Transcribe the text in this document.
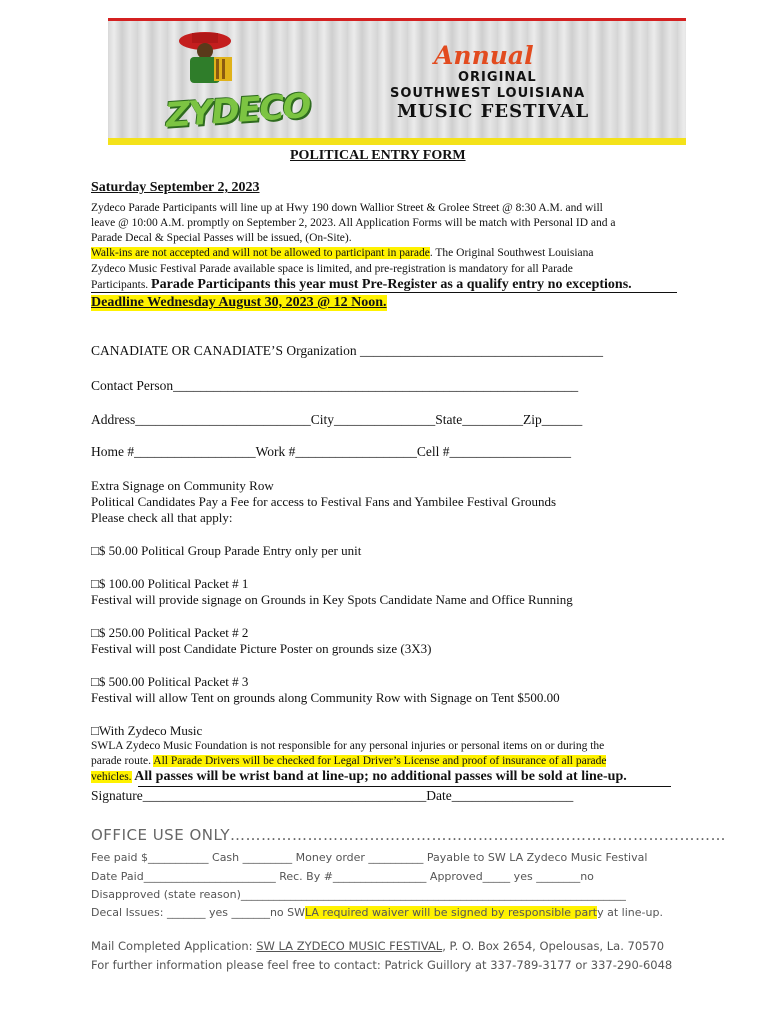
ZYDECO
Annual
ORIGINAL
SOUTHWEST LOUISIANA
MUSIC FESTIVAL
POLITICAL ENTRY FORM
Saturday September 2, 2023
Zydeco Parade Participants will line up at Hwy 190 down Wallior Street & Grolee Street @ 8:30 A.M. and will
leave @ 10:00 A.M. promptly on September 2, 2023. All Application Forms will be match with Personal ID and a
Parade Decal & Special Passes will be issued, (On-Site).
Walk-ins are not accepted and will not be allowed to participant in parade. The Original Southwest Louisiana
Zydeco Music Festival Parade available space is limited, and pre-registration is mandatory for all Parade
Participants. Parade Participants this year must Pre-Register as a qualify entry no exceptions.
Deadline Wednesday August 30, 2023 @ 12 Noon.
CANADIATE OR CANADIATE’S Organization ____________________________________
Contact Person____________________________________________________________
Address__________________________City_______________State_________Zip______
Home #__________________Work #__________________Cell #__________________
Extra Signage on Community Row
Political Candidates Pay a Fee for access to Festival Fans and Yambilee Festival Grounds
Please check all that apply:
□$ 50.00 Political Group Parade Entry only per unit
□$ 100.00 Political Packet # 1
Festival will provide signage on Grounds in Key Spots Candidate Name and Office Running
□$ 250.00 Political Packet # 2
Festival will post Candidate Picture Poster on grounds size (3X3)
□$ 500.00 Political Packet # 3
Festival will allow Tent on grounds along Community Row with Signage on Tent $500.00
□With Zydeco Music
SWLA Zydeco Music Foundation is not responsible for any personal injuries or personal items on or during the
parade route. All Parade Drivers will be checked for Legal Driver’s License and proof of insurance of all parade
vehicles. All passes will be wrist band at line-up; no additional passes will be sold at line-up.
Signature__________________________________________Date__________________
OFFICE USE ONLY……………………………………………………………………………………
Fee paid $___________ Cash _________ Money order __________ Payable to SW LA Zydeco Music Festival
Date Paid________________________ Rec. By #_________________ Approved_____ yes ________no
Disapproved (state reason)______________________________________________________________________
Decal Issues: _______ yes _______no SWLA required waiver will be signed by responsible party at line-up.
Mail Completed Application: SW LA ZYDECO MUSIC FESTIVAL, P. O. Box 2654, Opelousas, La. 70570
For further information please feel free to contact: Patrick Guillory at 337-789-3177 or 337-290-6048
